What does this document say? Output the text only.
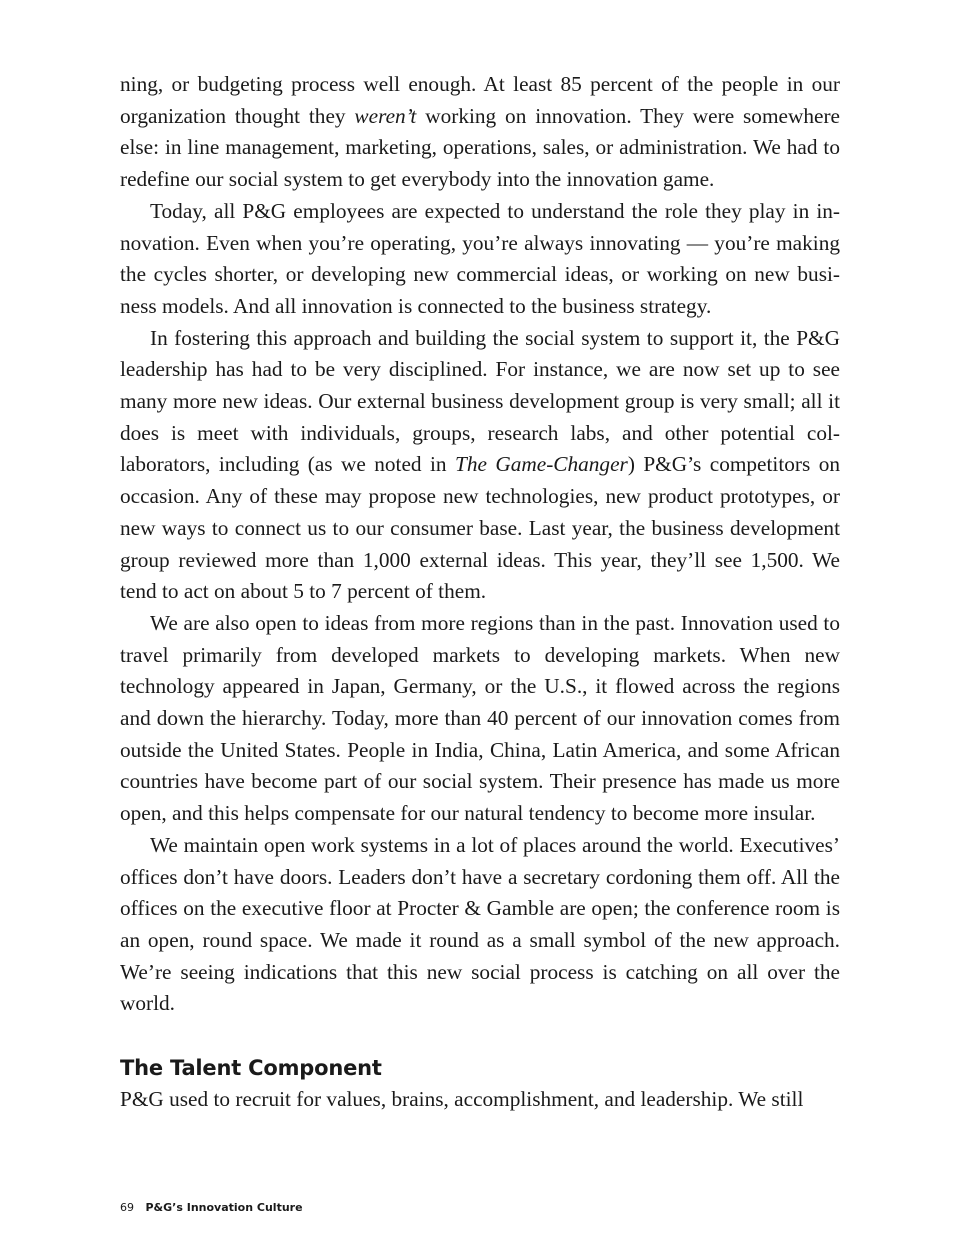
ning, or budgeting process well enough. At least 85 percent of the people in our organization thought they weren’t working on innovation. They were somewhere else: in line management, marketing, operations, sales, or administration. We had to redefine our social system to get everybody into the innovation game.

Today, all P&G employees are expected to understand the role they play in innovation. Even when you’re operating, you’re always innovating — you’re making the cycles shorter, or developing new commercial ideas, or working on new business models. And all innovation is connected to the business strategy.

In fostering this approach and building the social system to support it, the P&G leadership has had to be very disciplined. For instance, we are now set up to see many more new ideas. Our external business development group is very small; all it does is meet with individuals, groups, research labs, and other potential collaborators, including (as we noted in The Game-Changer) P&G’s competitors on occasion. Any of these may propose new technologies, new product prototypes, or new ways to connect us to our consumer base. Last year, the business development group reviewed more than 1,000 external ideas. This year, they’ll see 1,500. We tend to act on about 5 to 7 percent of them.

We are also open to ideas from more regions than in the past. Innovation used to travel primarily from developed markets to developing markets. When new technology appeared in Japan, Germany, or the U.S., it flowed across the regions and down the hierarchy. Today, more than 40 percent of our innovation comes from outside the United States. People in India, China, Latin America, and some African countries have become part of our social system. Their presence has made us more open, and this helps compensate for our natural tendency to become more insular.

We maintain open work systems in a lot of places around the world. Executives’ offices don’t have doors. Leaders don’t have a secretary cordoning them off. All the offices on the executive floor at Procter & Gamble are open; the conference room is an open, round space. We made it round as a small symbol of the new approach. We’re seeing indications that this new social process is catching on all over the world.

The Talent Component

P&G used to recruit for values, brains, accomplishment, and leadership. We still

69 P&G’s Innovation Culture
